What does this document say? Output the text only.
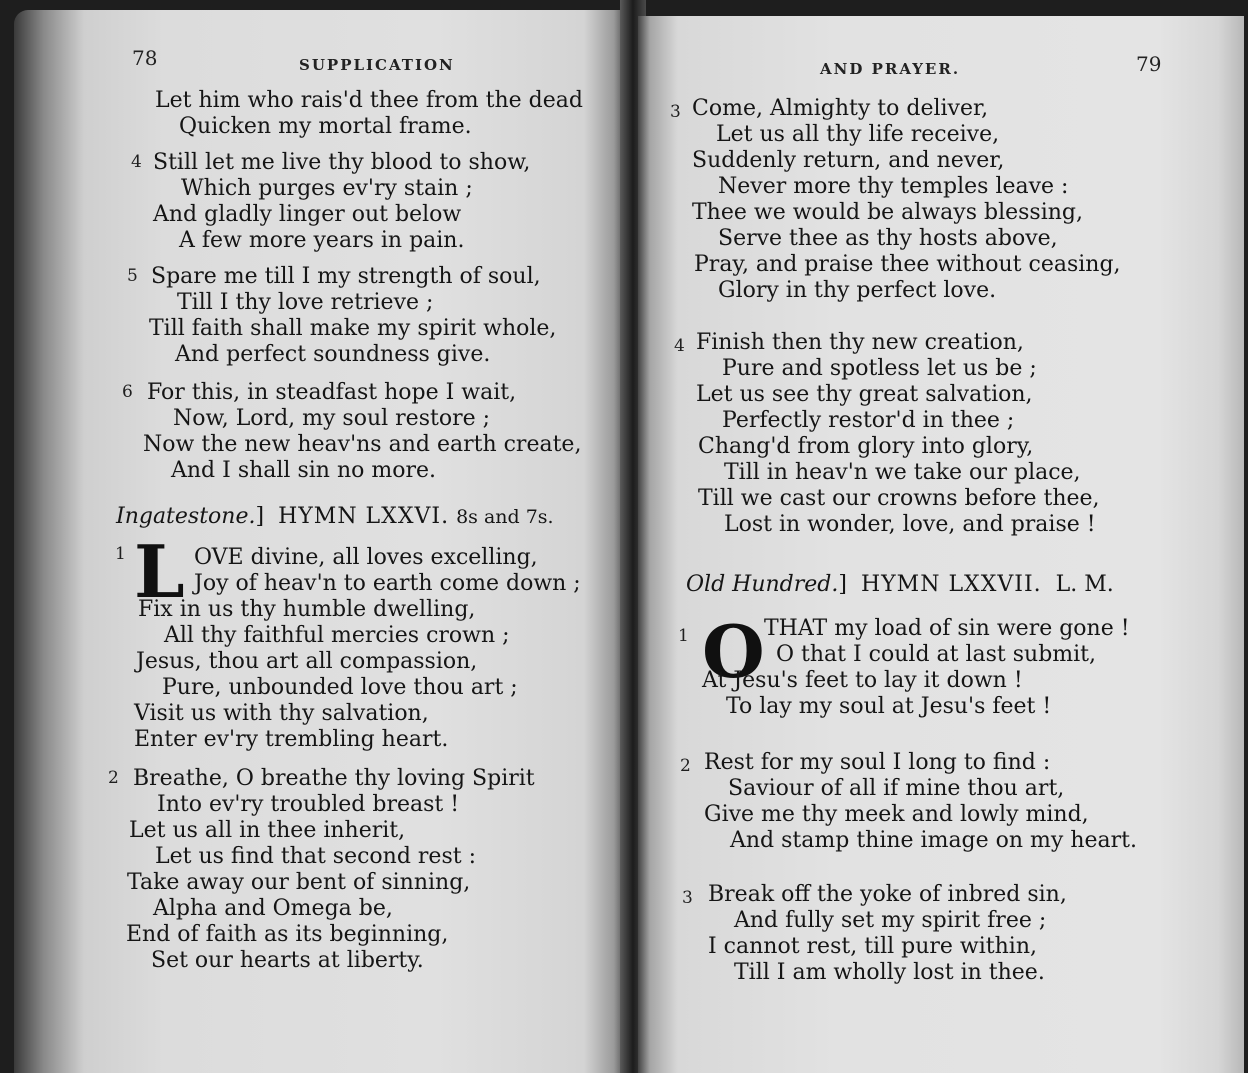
78	SUPPLICATION
Let him who rais'd thee from the dead
Quicken my mortal frame.
4 Still let me live thy blood to show,
Which purges ev'ry stain ;
And gladly linger out below
A few more years in pain.
5 Spare me till I my strength of soul,
Till I thy love retrieve ;
Till faith shall make my spirit whole,
And perfect soundness give.
6 For this, in steadfast hope I wait,
Now, Lord, my soul restore ;
Now the new heav'ns and earth create,
And I shall sin no more.
Ingatestone.] HYMN LXXVI. 8s and 7s.
1 L OVE divine, all loves excelling,
Joy of heav'n to earth come down ;
Fix in us thy humble dwelling,
All thy faithful mercies crown ;
Jesus, thou art all compassion,
Pure, unbounded love thou art ;
Visit us with thy salvation,
Enter ev'ry trembling heart.
2 Breathe, O breathe thy loving Spirit
Into ev'ry troubled breast !
Let us all in thee inherit,
Let us find that second rest :
Take away our bent of sinning,
Alpha and Omega be,
End of faith as its beginning,
Set our hearts at liberty.
AND PRAYER.	79
3 Come, Almighty to deliver,
Let us all thy life receive,
Suddenly return, and never,
Never more thy temples leave :
Thee we would be always blessing,
Serve thee as thy hosts above,
Pray, and praise thee without ceasing,
Glory in thy perfect love.
4 Finish then thy new creation,
Pure and spotless let us be ;
Let us see thy great salvation,
Perfectly restor'd in thee ;
Chang'd from glory into glory,
Till in heav'n we take our place,
Till we cast our crowns before thee,
Lost in wonder, love, and praise !
Old Hundred.] HYMN LXXVII. L. M.
1 O THAT my load of sin were gone !
O that I could at last submit,
At Jesu's feet to lay it down !
To lay my soul at Jesu's feet !
2 Rest for my soul I long to find :
Saviour of all if mine thou art,
Give me thy meek and lowly mind,
And stamp thine image on my heart.
3 Break off the yoke of inbred sin,
And fully set my spirit free ;
I cannot rest, till pure within,
Till I am wholly lost in thee.
